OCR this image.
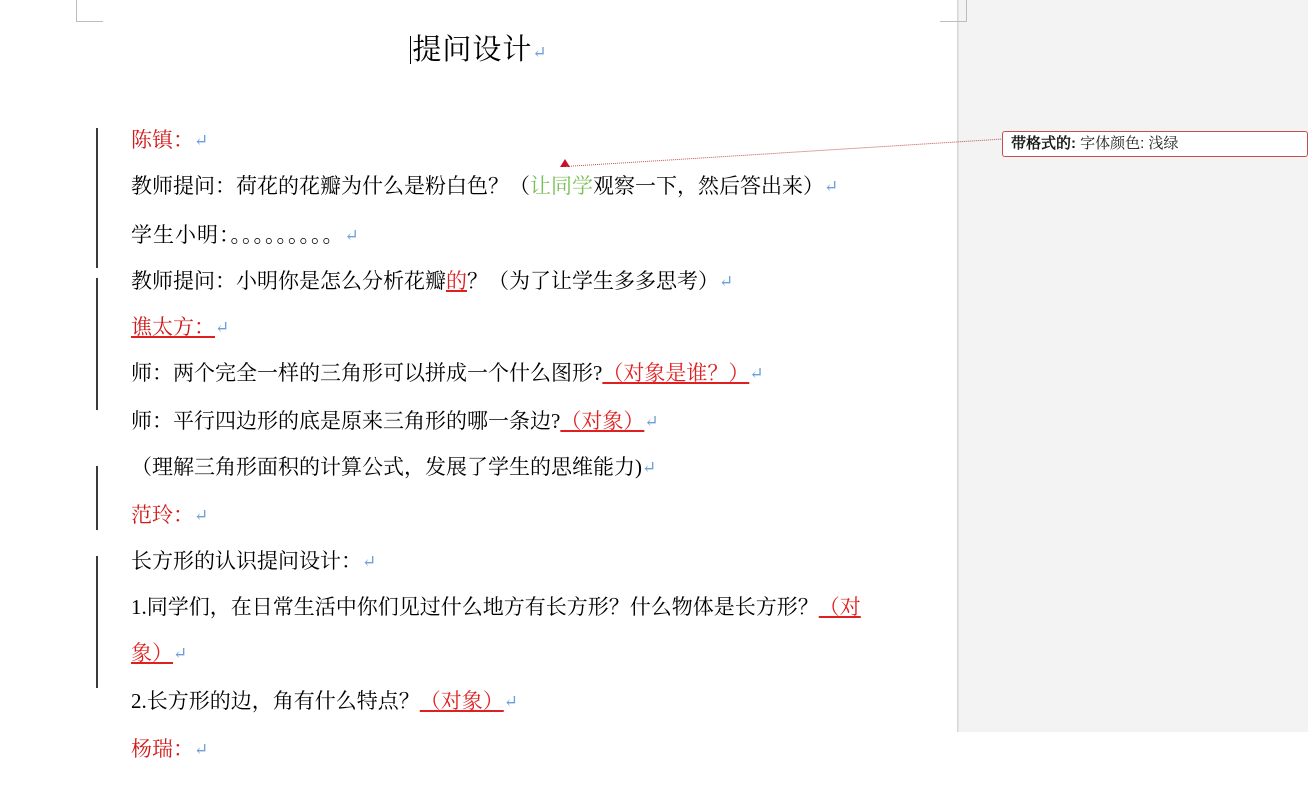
提问设计↵

陈镇：↵

教师提问：荷花的花瓣为什么是粉白色？（让同学观察一下，然后答出来）↵

学生小明：。。。。。。。。。↵

教师提问：小明你是怎么分析花瓣的？（为了让学生多多思考）↵

谯太方：↵

师：两个完全一样的三角形可以拼成一个什么图形?（对象是谁？）↵

师：平行四边形的底是原来三角形的哪一条边?（对象）↵

（理解三角形面积的计算公式，发展了学生的思维能力)↵

范玲：↵

长方形的认识提问设计：↵

1.同学们，在日常生活中你们见过什么地方有长方形？什么物体是长方形？（对

象）↵

2.长方形的边，角有什么特点？（对象）↵

杨瑞：↵

带格式的: 字体颜色: 浅绿
